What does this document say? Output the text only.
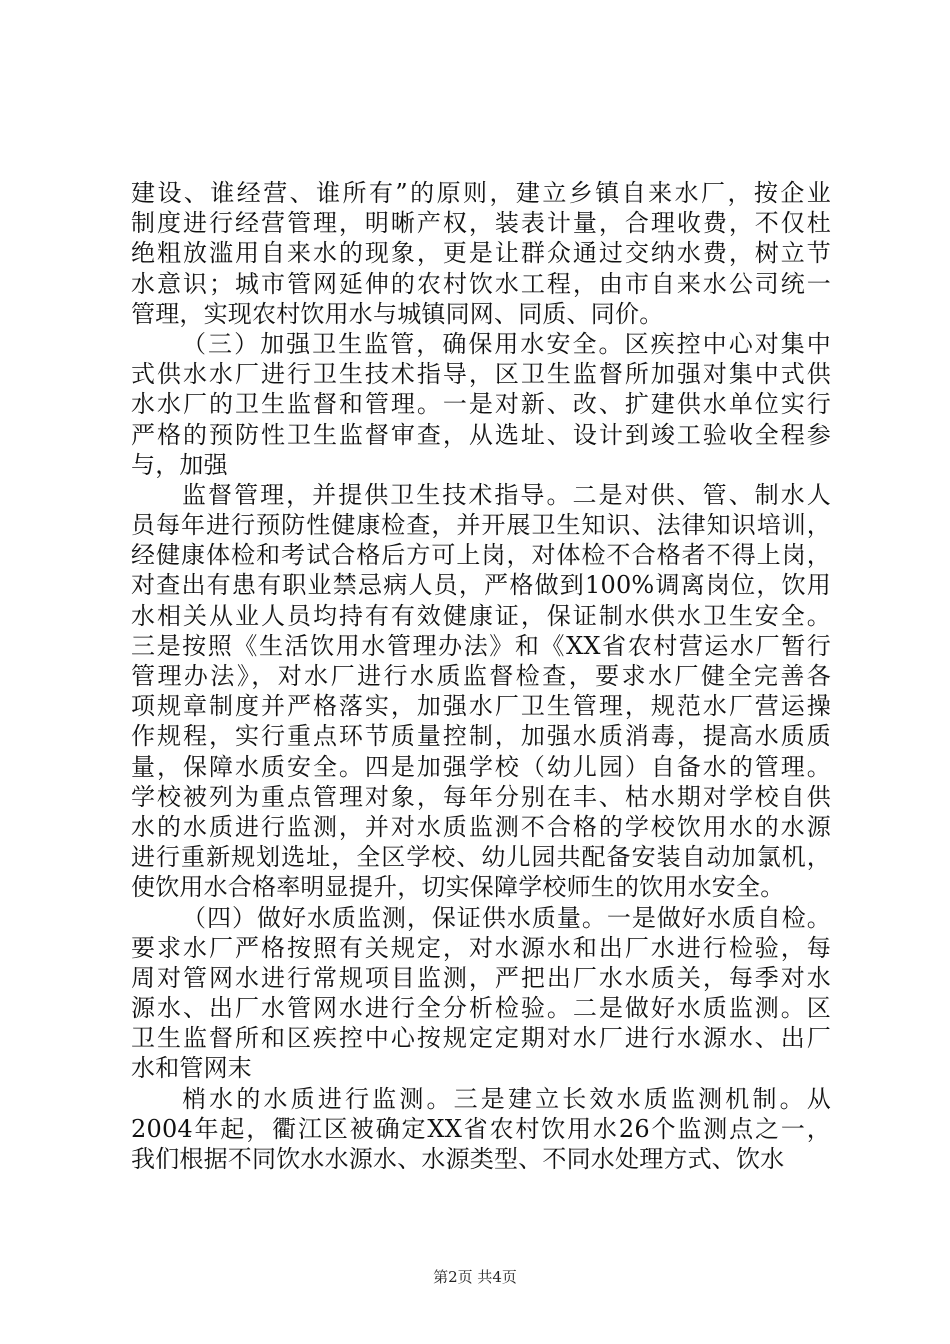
建设、谁经营、谁所有”的原则，建立乡镇自来水厂，按企业
制度进行经营管理，明晰产权，装表计量，合理收费，不仅杜
绝粗放滥用自来水的现象，更是让群众通过交纳水费，树立节
水意识；城市管网延伸的农村饮水工程，由市自来水公司统一
管理，实现农村饮用水与城镇同网、同质、同价。
（三）加强卫生监管，确保用水安全。区疾控中心对集中
式供水水厂进行卫生技术指导，区卫生监督所加强对集中式供
水水厂的卫生监督和管理。一是对新、改、扩建供水单位实行
严格的预防性卫生监督审查，从选址、设计到竣工验收全程参
与，加强
监督管理，并提供卫生技术指导。二是对供、管、制水人
员每年进行预防性健康检查，并开展卫生知识、法律知识培训，
经健康体检和考试合格后方可上岗，对体检不合格者不得上岗，
对查出有患有职业禁忌病人员，严格做到100%调离岗位，饮用
水相关从业人员均持有有效健康证，保证制水供水卫生安全。
三是按照《生活饮用水管理办法》和《XX省农村营运水厂暂行
管理办法》，对水厂进行水质监督检查，要求水厂健全完善各
项规章制度并严格落实，加强水厂卫生管理，规范水厂营运操
作规程，实行重点环节质量控制，加强水质消毒，提高水质质
量，保障水质安全。四是加强学校（幼儿园）自备水的管理。
学校被列为重点管理对象，每年分别在丰、枯水期对学校自供
水的水质进行监测，并对水质监测不合格的学校饮用水的水源
进行重新规划选址，全区学校、幼儿园共配备安装自动加氯机，
使饮用水合格率明显提升，切实保障学校师生的饮用水安全。
（四）做好水质监测，保证供水质量。一是做好水质自检。
要求水厂严格按照有关规定，对水源水和出厂水进行检验，每
周对管网水进行常规项目监测，严把出厂水水质关，每季对水
源水、出厂水管网水进行全分析检验。二是做好水质监测。区
卫生监督所和区疾控中心按规定定期对水厂进行水源水、出厂
水和管网末
梢水的水质进行监测。三是建立长效水质监测机制。从
2004年起，衢江区被确定XX省农村饮用水26个监测点之一，
我们根据不同饮水水源水、水源类型、不同水处理方式、饮水
第2页 共4页
